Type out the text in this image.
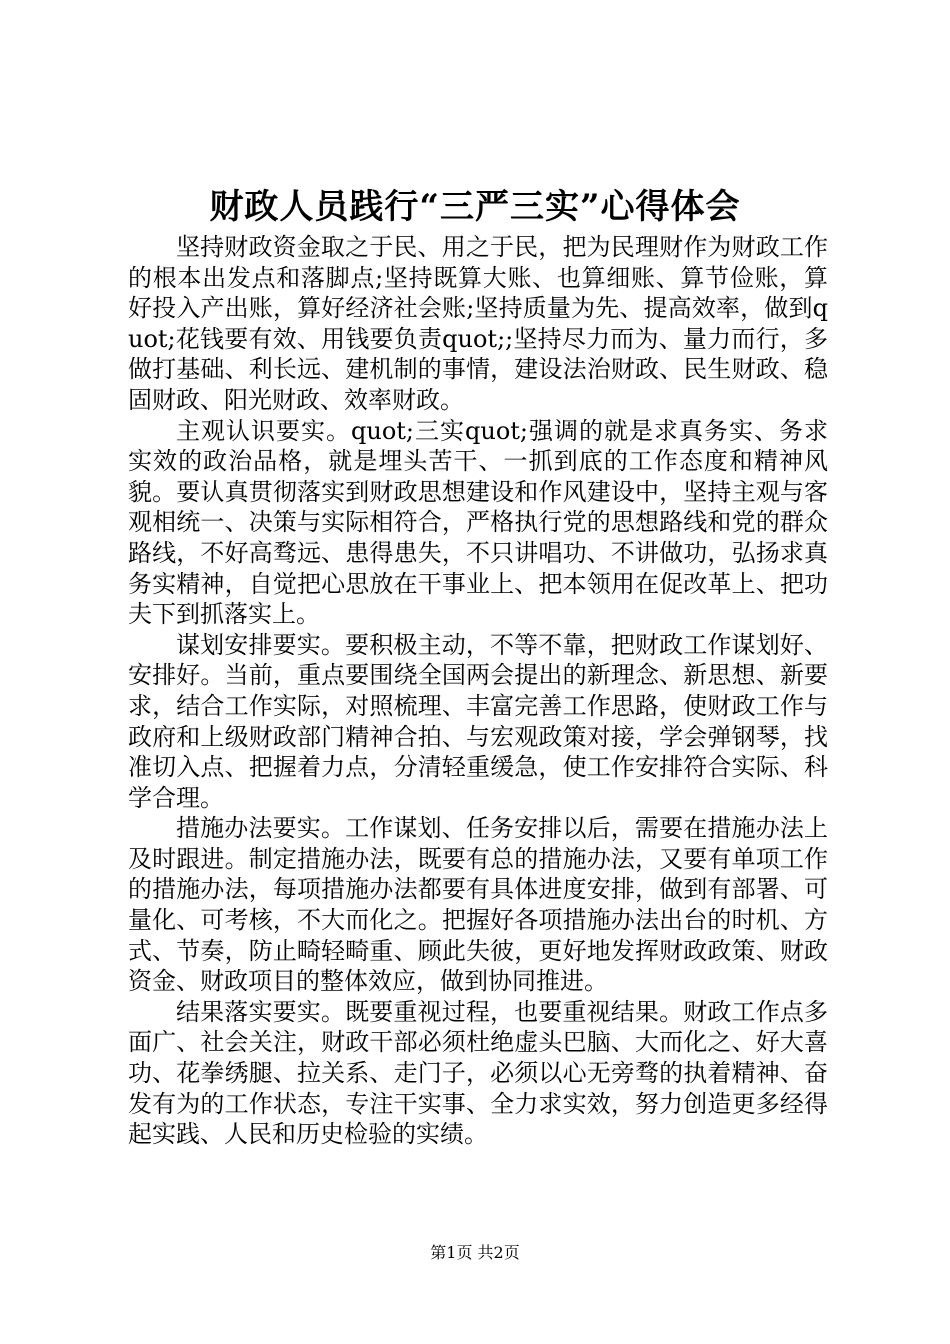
财政人员践行“三严三实”心得体会

坚持财政资金取之于民、用之于民，把为民理财作为财政工作的根本出发点和落脚点;坚持既算大账、也算细账、算节俭账，算好投入产出账，算好经济社会账;坚持质量为先、提高效率，做到quot;花钱要有效、用钱要负责quot;;坚持尽力而为、量力而行，多做打基础、利长远、建机制的事情，建设法治财政、民生财政、稳固财政、阳光财政、效率财政。

主观认识要实。quot;三实quot;强调的就是求真务实、务求实效的政治品格，就是埋头苦干、一抓到底的工作态度和精神风貌。要认真贯彻落实到财政思想建设和作风建设中，坚持主观与客观相统一、决策与实际相符合，严格执行党的思想路线和党的群众路线，不好高骛远、患得患失，不只讲唱功、不讲做功，弘扬求真务实精神，自觉把心思放在干事业上、把本领用在促改革上、把功夫下到抓落实上。

谋划安排要实。要积极主动，不等不靠，把财政工作谋划好、安排好。当前，重点要围绕全国两会提出的新理念、新思想、新要求，结合工作实际，对照梳理、丰富完善工作思路，使财政工作与政府和上级财政部门精神合拍、与宏观政策对接，学会弹钢琴，找准切入点、把握着力点，分清轻重缓急，使工作安排符合实际、科学合理。

措施办法要实。工作谋划、任务安排以后，需要在措施办法上及时跟进。制定措施办法，既要有总的措施办法，又要有单项工作的措施办法，每项措施办法都要有具体进度安排，做到有部署、可量化、可考核，不大而化之。把握好各项措施办法出台的时机、方式、节奏，防止畸轻畸重、顾此失彼，更好地发挥财政政策、财政资金、财政项目的整体效应，做到协同推进。

结果落实要实。既要重视过程，也要重视结果。财政工作点多面广、社会关注，财政干部必须杜绝虚头巴脑、大而化之、好大喜功、花拳绣腿、拉关系、走门子，必须以心无旁骛的执着精神、奋发有为的工作状态，专注干实事、全力求实效，努力创造更多经得起实践、人民和历史检验的实绩。

第1页 共2页
